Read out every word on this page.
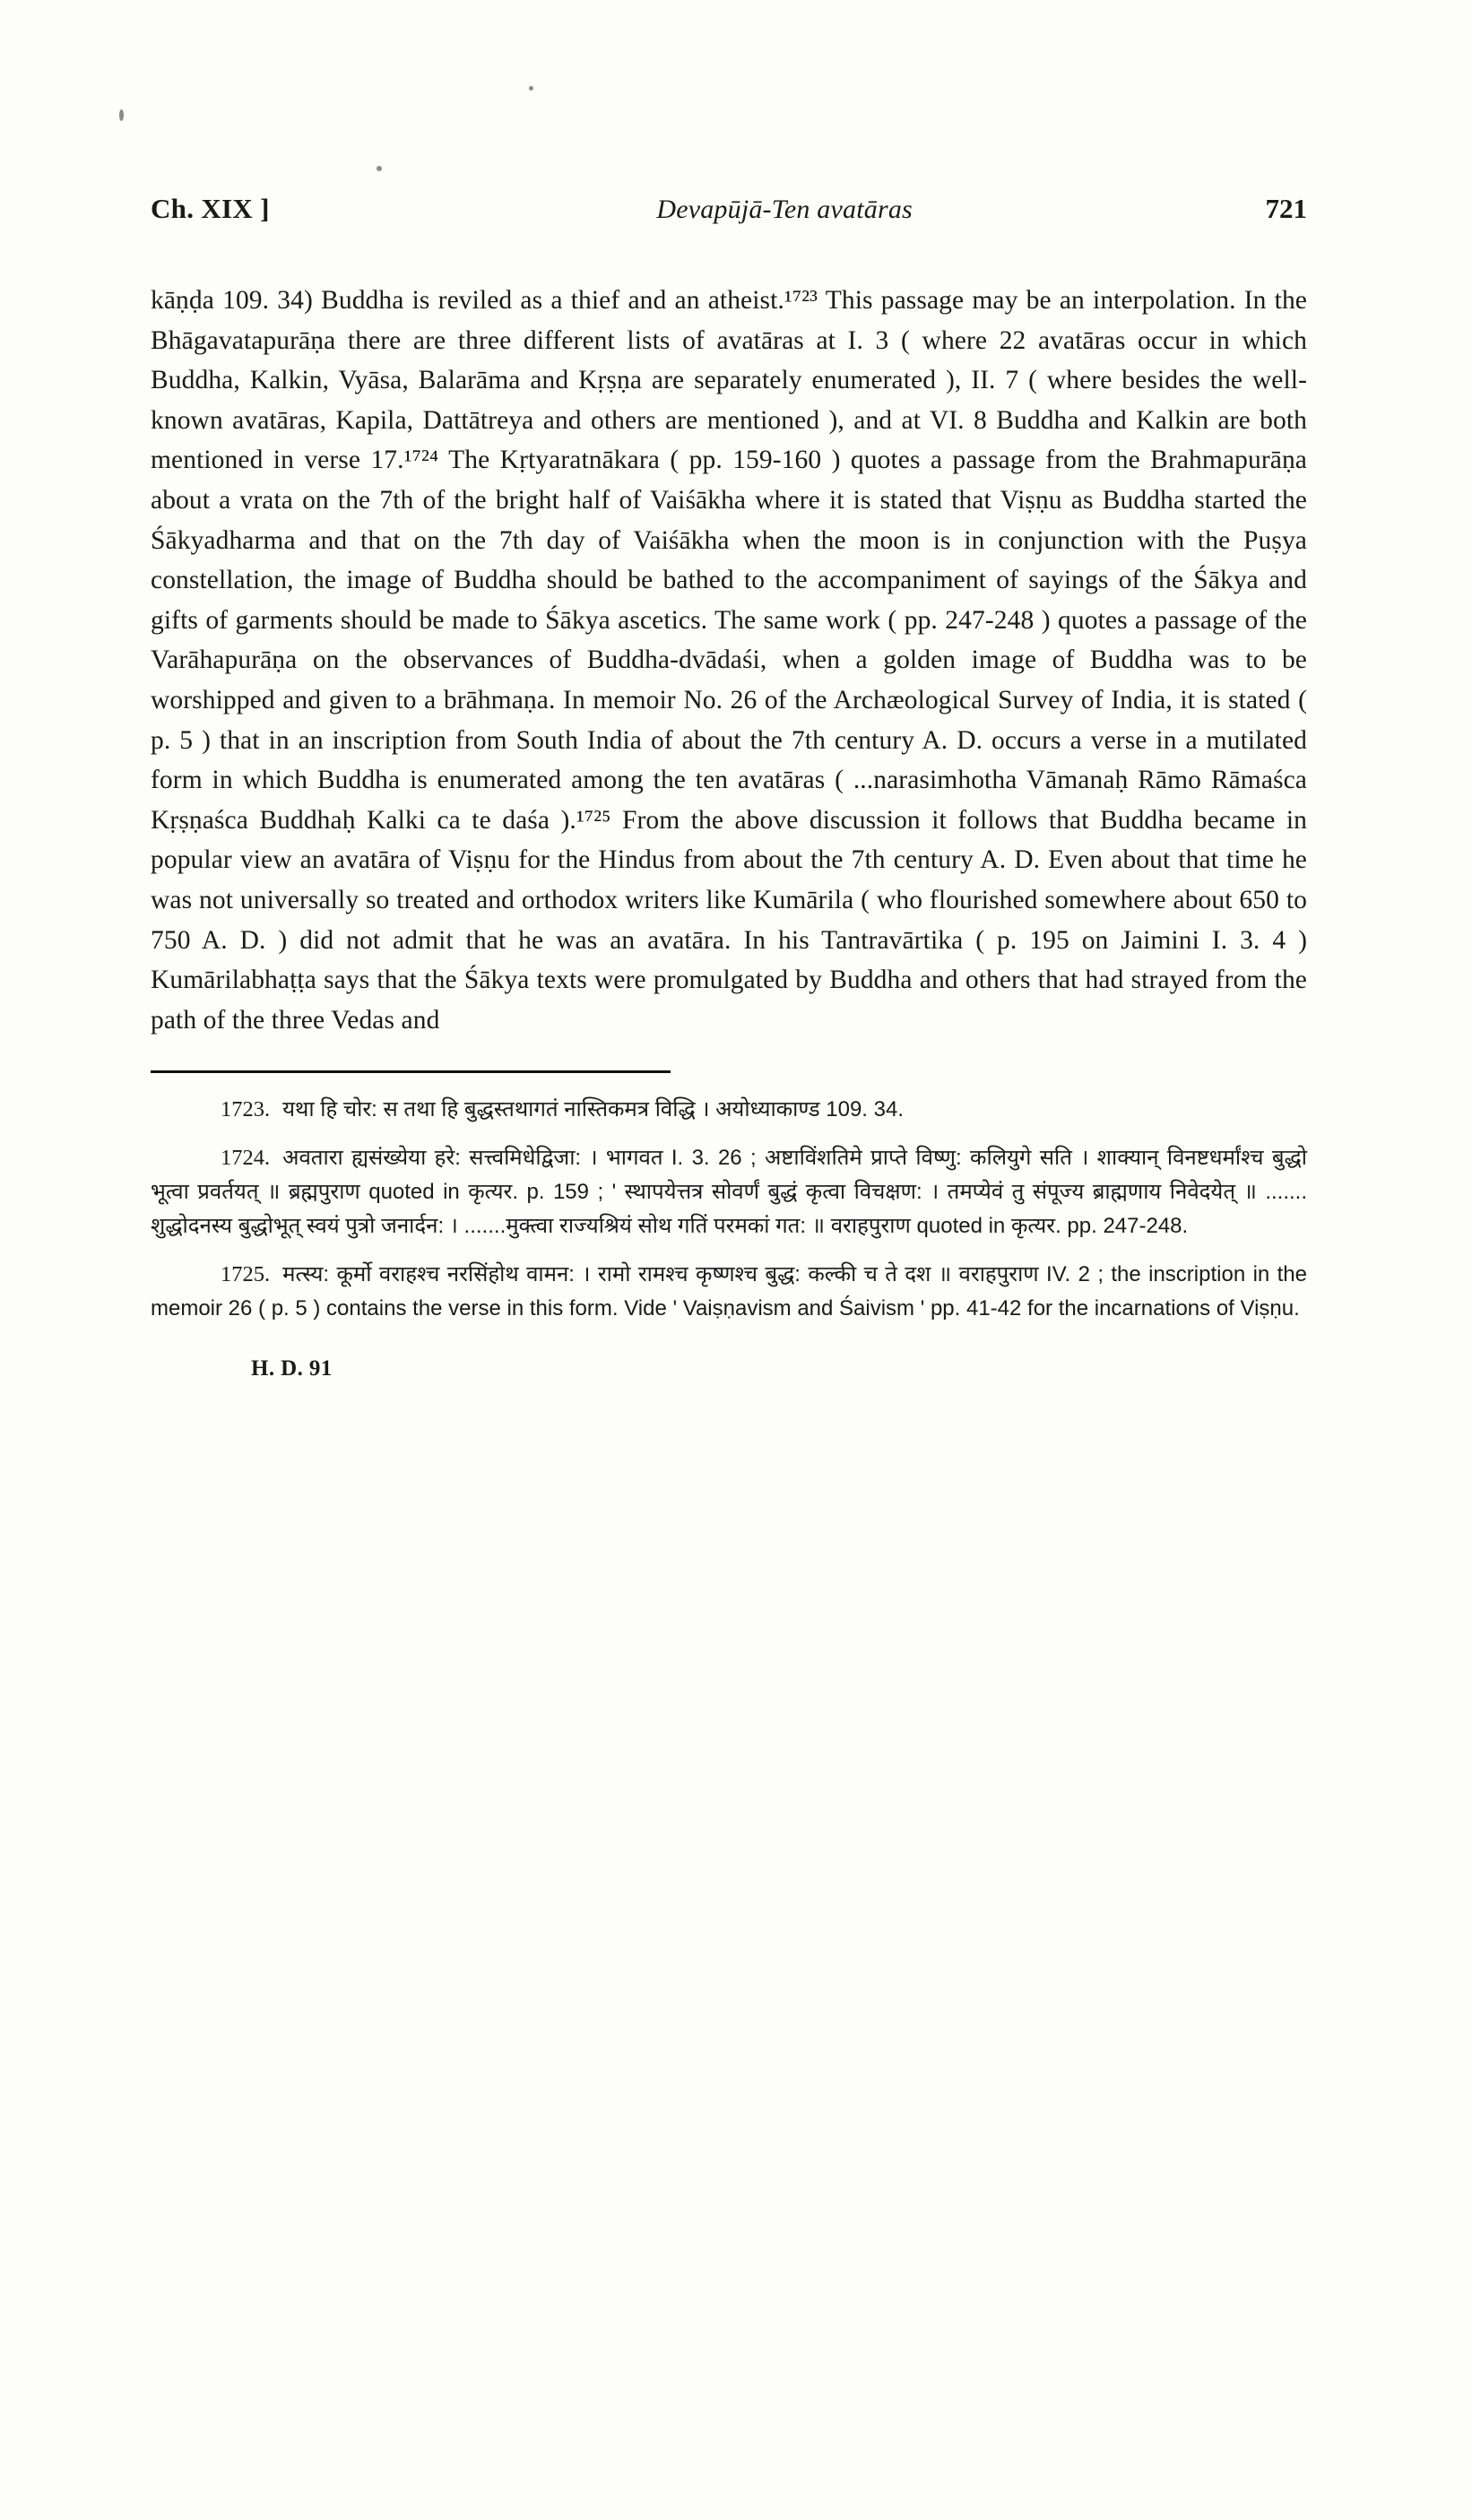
Ch. XIX ]	Devapūjā-Ten avatāras	721
kāṇḍa 109. 34) Buddha is reviled as a thief and an atheist.¹⁷²³ This passage may be an interpolation. In the Bhāgavatapurāṇa there are three different lists of avatāras at I. 3 ( where 22 avatāras occur in which Buddha, Kalkin, Vyāsa, Balarāma and Kṛṣṇa are separately enumerated ), II. 7 ( where besides the well-known avatāras, Kapila, Dattātreya and others are mentioned ), and at VI. 8 Buddha and Kalkin are both mentioned in verse 17.¹⁷²⁴ The Kṛtyaratnākara ( pp. 159-160 ) quotes a passage from the Brahmapurāṇa about a vrata on the 7th of the bright half of Vaiśākha where it is stated that Viṣṇu as Buddha started the Śākyadharma and that on the 7th day of Vaiśākha when the moon is in conjunction with the Puṣya constellation, the image of Buddha should be bathed to the accompaniment of sayings of the Śākya and gifts of garments should be made to Śākya ascetics. The same work ( pp. 247-248 ) quotes a passage of the Varāhapurāṇa on the observances of Buddha-dvādaśi, when a golden image of Buddha was to be worshipped and given to a brāhmaṇa. In memoir No. 26 of the Archæological Survey of India, it is stated ( p. 5 ) that in an inscription from South India of about the 7th century A. D. occurs a verse in a mutilated form in which Buddha is enumerated among the ten avatāras ( ...narasimhotha Vāmanaḥ Rāmo Rāmaśca Kṛṣṇaśca Buddhaḥ Kalki ca te daśa ).¹⁷²⁵ From the above discussion it follows that Buddha became in popular view an avatāra of Viṣṇu for the Hindus from about the 7th century A. D. Even about that time he was not universally so treated and orthodox writers like Kumārila ( who flourished somewhere about 650 to 750 A. D. ) did not admit that he was an avatāra. In his Tantravārtika ( p. 195 on Jaimini I. 3. 4 ) Kumārilabhaṭṭa says that the Śākya texts were promulgated by Buddha and others that had strayed from the path of the three Vedas and
1723. यथा हि चोर: स तथा हि बुद्धस्तथागतं नास्तिकमत्र विद्धि । अयोध्याकाण्ड 109. 34.
1724. अवतारा ह्यसंख्येया हरे: सत्त्वमिधेद्विजा: । भागवत I. 3. 26 ; अष्टाविंशतिमे प्राप्ते विष्णु: कलियुगे सति । शाक्यान् विनष्टधर्मांश्च बुद्धो भूत्वा प्रवर्तयत् ॥ ब्रह्मपुराण quoted in कृत्यर. p. 159 ; ' स्थापयेत्तत्र सोवर्णं बुद्धं कृत्वा विचक्षण: । तमप्येवं तु संपूज्य ब्राह्मणाय निवेदयेत् ॥ ....... शुद्धोदनस्य बुद्धोभूत् स्वयं पुत्रो जनार्दन: । .......मुक्त्वा राज्यश्रियं सोथ गतिं परमकां गत: ॥ वराहपुराण quoted in कृत्यर. pp. 247-248.
1725. मत्स्य: कूर्मो वराहश्च नरसिंहोथ वामन: । रामो रामश्च कृष्णश्च बुद्ध: कल्की च ते दश ॥ वराहपुराण IV. 2 ; the inscription in the memoir 26 ( p. 5 ) contains the verse in this form. Vide ' Vaiṣṇavism and Śaivism ' pp. 41-42 for the incarnations of Viṣṇu.
H. D. 91
